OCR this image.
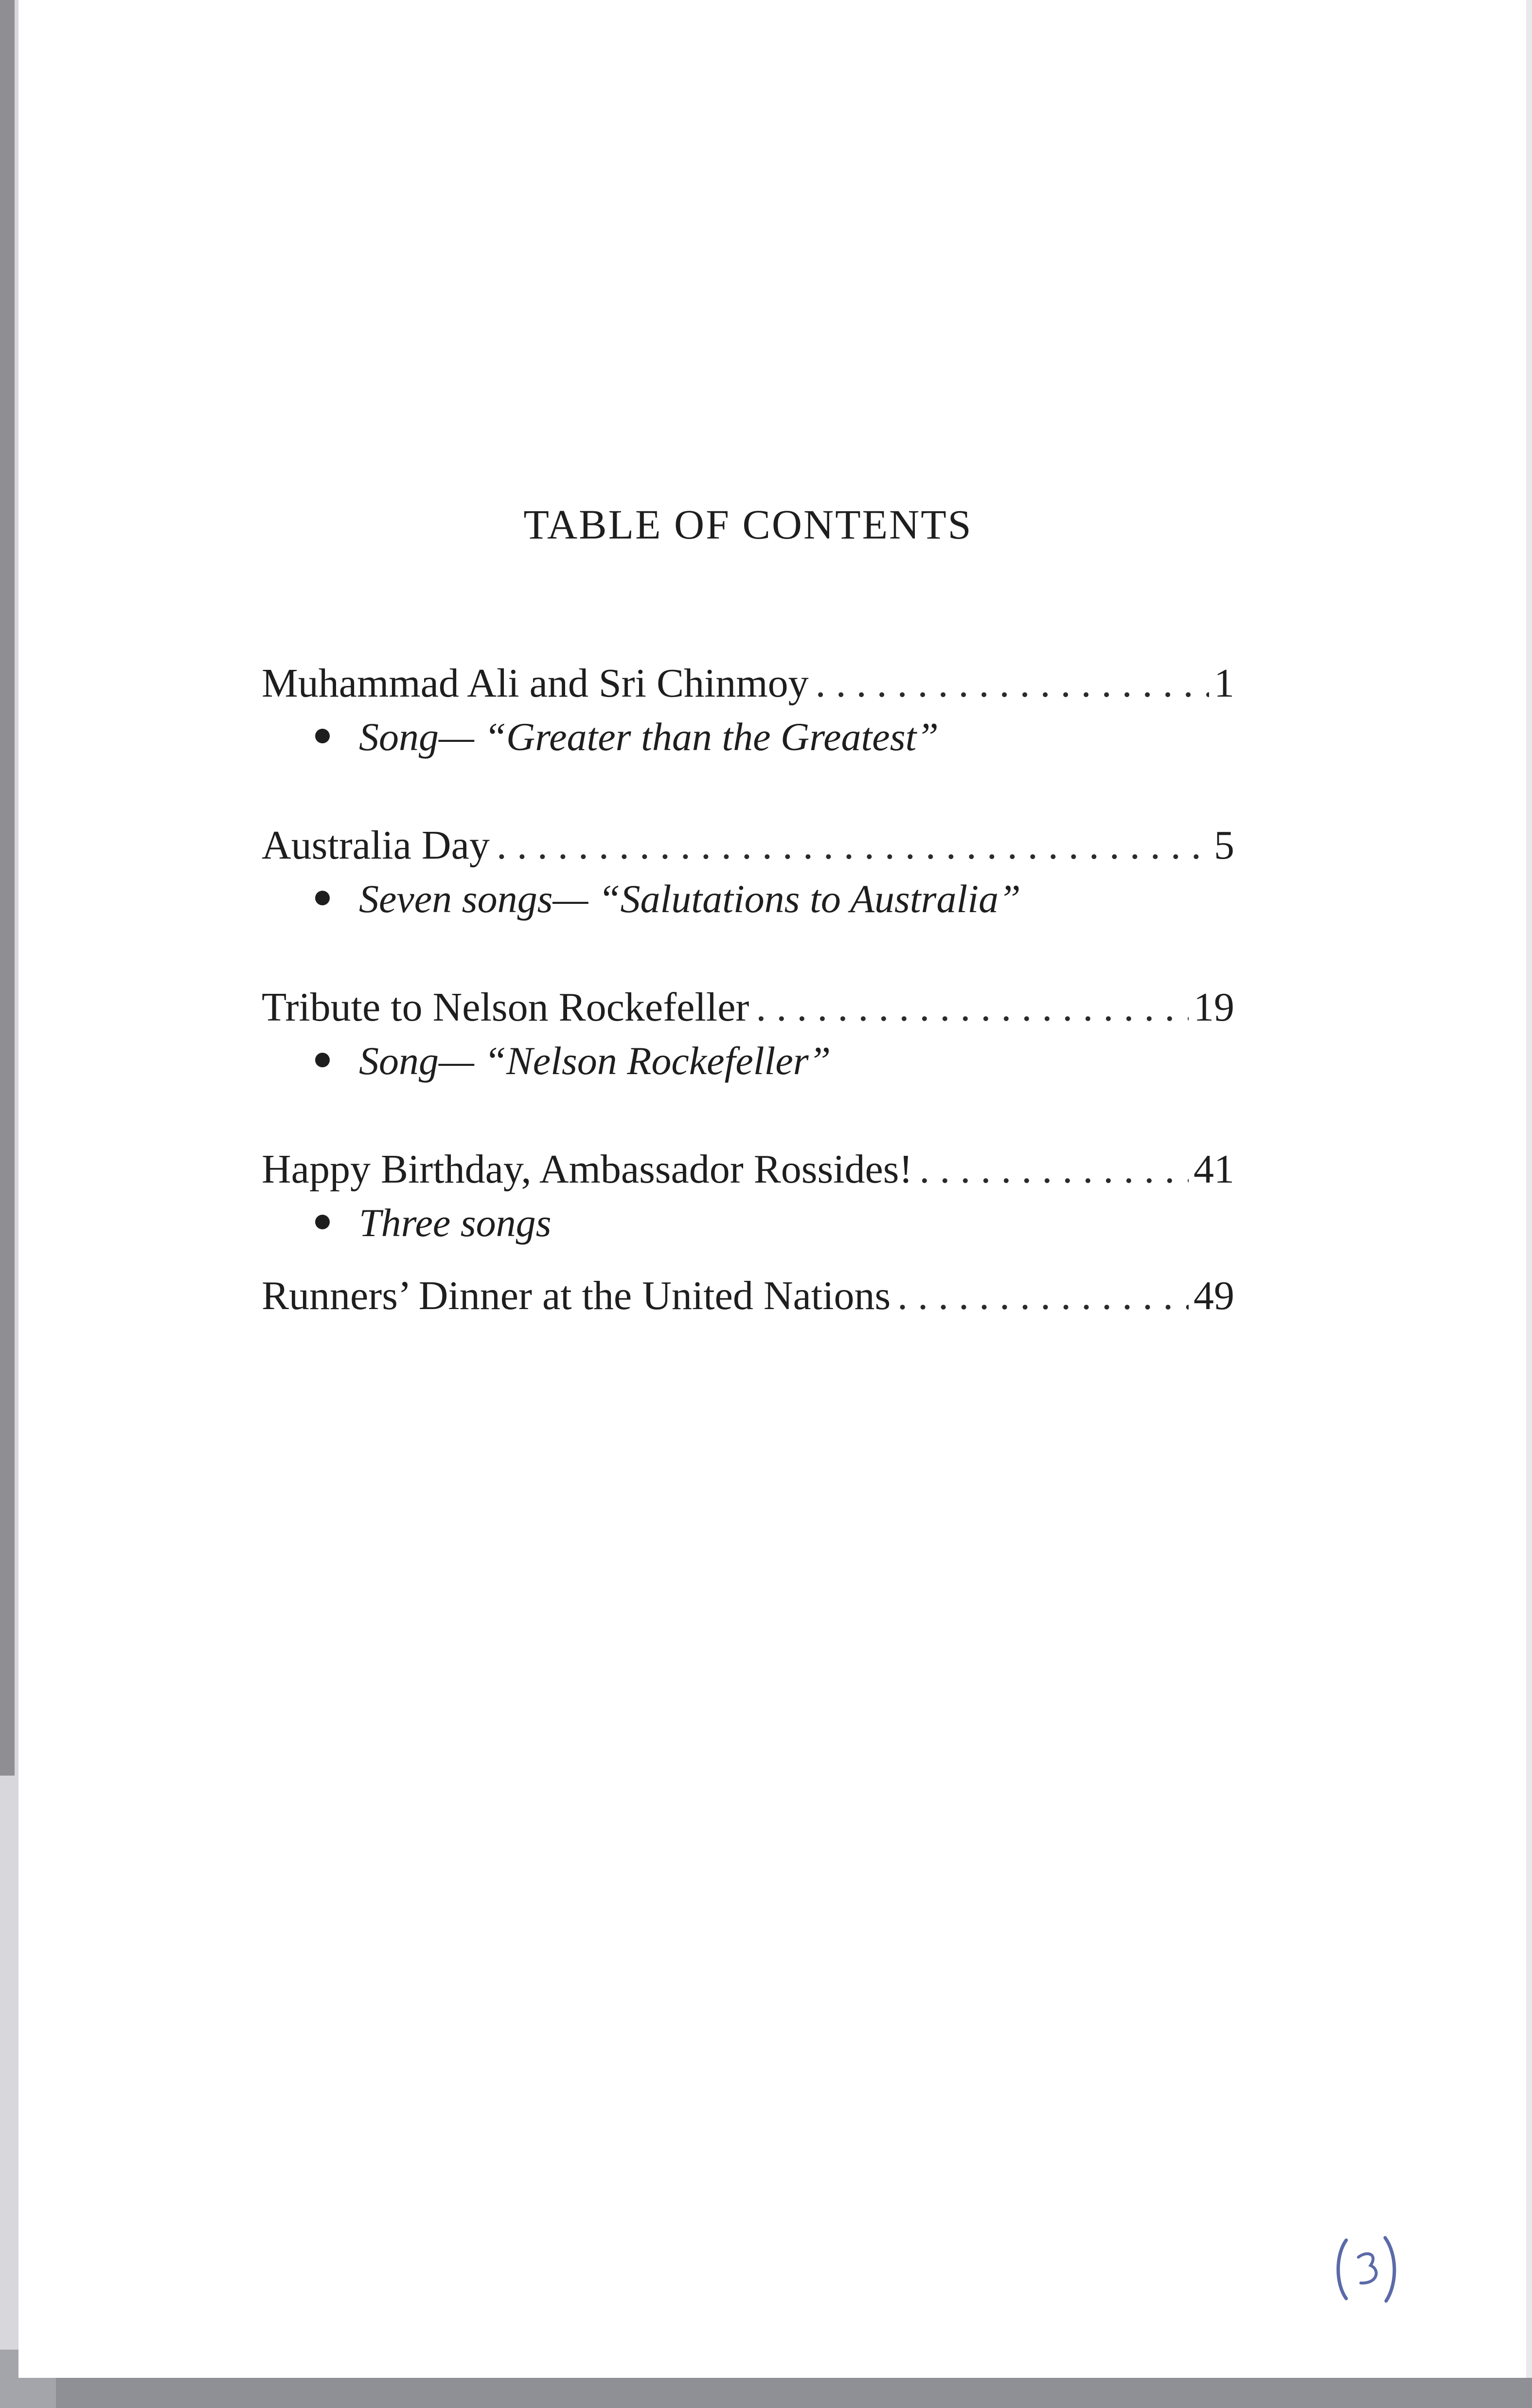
TABLE OF CONTENTS
Muhammad Ali and Sri Chinmoy . . .	1
Song— “Greater than the Greatest”
Australia Day . . .	5
Seven songs— “Salutations to Australia”
Tribute to Nelson Rockefeller . . .	19
Song— “Nelson Rockefeller”
Happy Birthday, Ambassador Rossides! . . .	41
Three songs
Runners’ Dinner at the United Nations . . .	49
